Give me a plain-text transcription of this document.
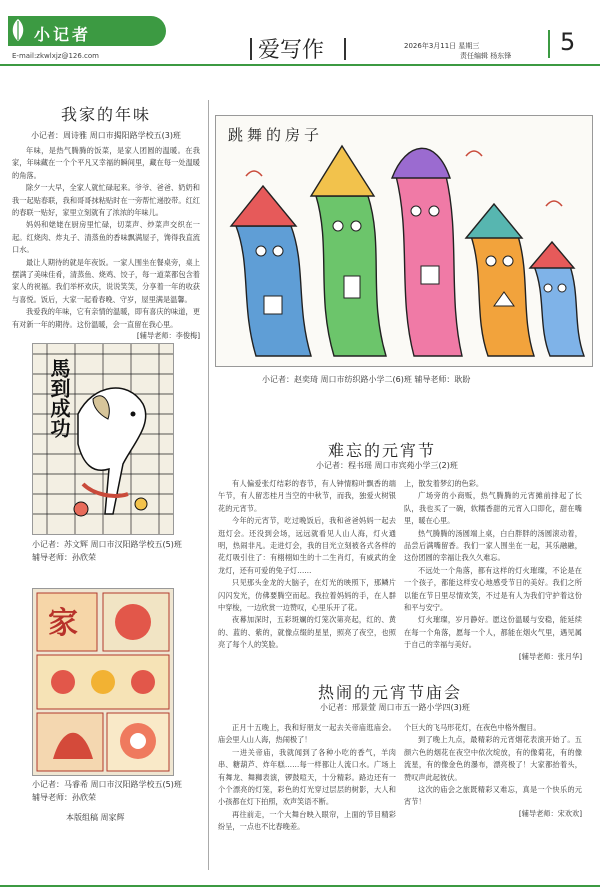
小记者
E-mail:zkwlxjz@126.com	爱写作	2026年3月11日 星期三
责任编辑 杨东锋 5
我家的年味
小记者：周诗雅 周口市揭阳路学校五(3)班

年味，是热气腾腾的饭菜，是家人团圆的温暖。在我家，年味藏在一个个平凡又幸福的瞬间里，藏在每一处温暖的角落。

除夕一大早，全家人就忙碌起来。爷爷、爸爸、奶奶和我一起贴春联，我和哥哥抹粘贴时在一旁帮忙递胶带。红红的春联一贴好，家里立刻就有了浓浓的年味儿。

妈妈和姥姥在厨房里忙碌，切菜声、炒菜声交织在一起。红烧肉、炸丸子、清蒸鱼的香味飘满屋子，馋得我直流口水。

最让人期待的就是年夜饭。一家人围坐在餐桌旁，桌上摆满了美味佳肴，清蒸鱼、烧鸡、饺子，每一道菜都包含着家人的祝福。我们举杯欢庆，说说笑笑，分享着一年的收获与喜悦。饭后，大家一起看春晚、守岁，屋里满是温馨。

我爱我的年味，它有亲情的温暖，即有喜庆的味道，更有对新一年的期待。这份温暖，会一直留在我心里。

[辅导老师：李俊梅]

馬到成功
小记者：苏文辉 周口市汉阳路学校五(5)班
辅导老师：孙欣荣
家
小记者：马睿希 周口市汉阳路学校五(5)班
辅导老师：孙欣荣
本版组稿 周家辉
跳舞的房子
小记者：赵奕琦 周口市纺织路小学二(6)班 辅导老师：耿盼
难忘的元宵节
小记者：程书瑶 周口市宾苑小学三(2)班

有人偏爱张灯结彩的春节，有人钟情粽叶飘香的端午节，有人留恋桂月当空的中秋节，而我，独爱火树银花的元宵节。

今年的元宵节，吃过晚饭后，我和爸爸妈妈一起去逛灯会。还没到会场，远远就看见人山人海，灯火通明，热闹非凡。走进灯会，我的目光立刻被各式各样的花灯吸引住了：有栩栩如生的十二生肖灯，有威武的金龙灯，还有可爱的兔子灯……

只见那头金龙的大脑子，在灯光的映照下，那鳞片闪闪发光，仿佛要腾空而起。我拉着妈妈的手，在人群中穿梭，一边欣赏一边赞叹，心里乐开了花。

夜幕加深时，五彩斑斓的灯笼次第亮起，红的、黄的、蓝的、紫的，就像点缀的星星，照亮了夜空，也照亮了每个人的笑脸。

上，散发着梦幻的色彩。

广场旁的小商贩，热气腾腾的元宵摊前排起了长队，我也买了一碗，软糯香甜的元宵入口即化，甜在嘴里，暖在心里。

热气腾腾的汤圆端上桌，白白胖胖的汤圆滚动着，品尝后满嘴留香。我们一家人围坐在一起，其乐融融，这份团圆的幸福让我久久难忘。

不远处一个角落，都有这样的灯火璀璨，不论是在一个孩子，都能这样安心地感受节日的美好。我们之所以能在节日里尽情欢笑，不过是有人为我们守护着这份和平与安宁。

灯火璀璨，岁月静好。愿这份温暖与安稳，能延续在每一个角落，愿每一个人，都能在烟火气里，遇见属于自己的幸福与美好。

[辅导老师：张月华]

热闹的元宵节庙会
小记者：邢景萱 周口市五一路小学四(3)班

正月十五晚上，我和好朋友一起去关帝庙逛庙会。庙会里人山人海，热闹极了！

一进关帝庙，我就闻到了各种小吃的香气，羊肉串、糖葫芦、炸年糕……每一样都让人流口水。广场上有舞龙、舞狮表演，锣鼓喧天，十分精彩。路边还有一个个漂亮的灯笼，彩色的灯光穿过层层的树影，大人和小孩都在灯下拍照，欢声笑语不断。

再往前走，一个大舞台映入眼帘，上面的节目精彩纷呈，一点也不比春晚差。

个巨大的飞马形花灯，在夜色中格外醒目。

到了晚上九点，最精彩的元宵烟花表演开始了。五颜六色的烟花在夜空中依次绽放，有的像菊花，有的像流星，有的像金色的瀑布，漂亮极了！大家都抬着头，赞叹声此起彼伏。

这次的庙会之旅既精彩又难忘，真是一个快乐的元宵节！

[辅导老师：宋欢欢]
